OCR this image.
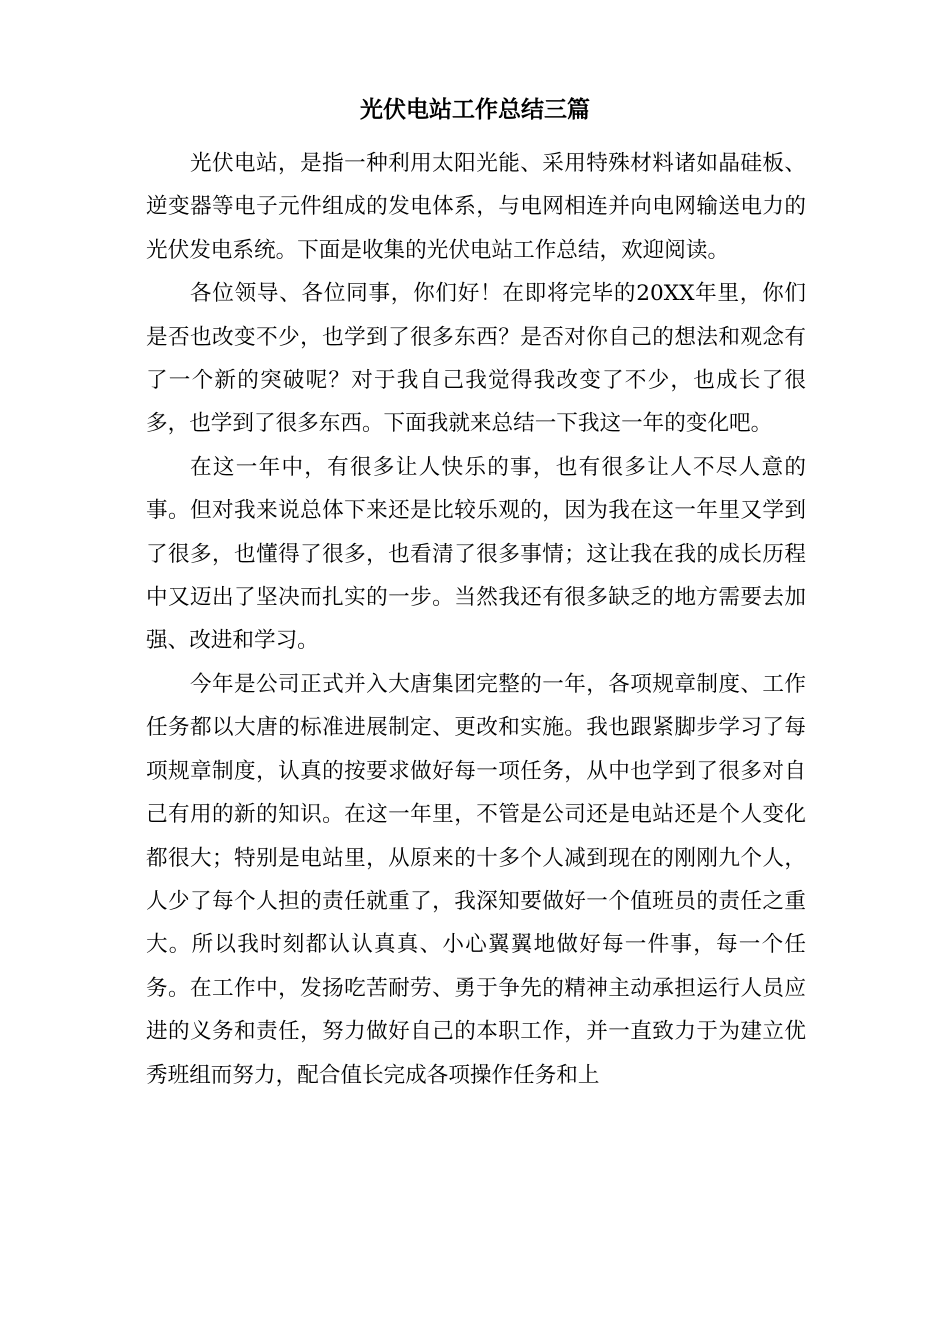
光伏电站工作总结三篇

光伏电站，是指一种利用太阳光能、采用特殊材料诸如晶硅板、逆变器等电子元件组成的发电体系，与电网相连并向电网输送电力的光伏发电系统。下面是收集的光伏电站工作总结，欢迎阅读。

各位领导、各位同事，你们好！在即将完毕的20XX年里，你们是否也改变不少，也学到了很多东西？是否对你自己的想法和观念有了一个新的突破呢？对于我自己我觉得我改变了不少，也成长了很多，也学到了很多东西。下面我就来总结一下我这一年的变化吧。

在这一年中，有很多让人快乐的事，也有很多让人不尽人意的事。但对我来说总体下来还是比较乐观的，因为我在这一年里又学到了很多，也懂得了很多，也看清了很多事情；这让我在我的成长历程中又迈出了坚决而扎实的一步。当然我还有很多缺乏的地方需要去加强、改进和学习。

今年是公司正式并入大唐集团完整的一年，各项规章制度、工作任务都以大唐的标准进展制定、更改和实施。我也跟紧脚步学习了每项规章制度，认真的按要求做好每一项任务，从中也学到了很多对自己有用的新的知识。在这一年里，不管是公司还是电站还是个人变化都很大；特别是电站里，从原来的十多个人减到现在的刚刚九个人，人少了每个人担的责任就重了，我深知要做好一个值班员的责任之重大。所以我时刻都认认真真、小心翼翼地做好每一件事，每一个任务。在工作中，发扬吃苦耐劳、勇于争先的精神主动承担运行人员应进的义务和责任，努力做好自己的本职工作，并一直致力于为建立优秀班组而努力，配合值长完成各项操作任务和上
